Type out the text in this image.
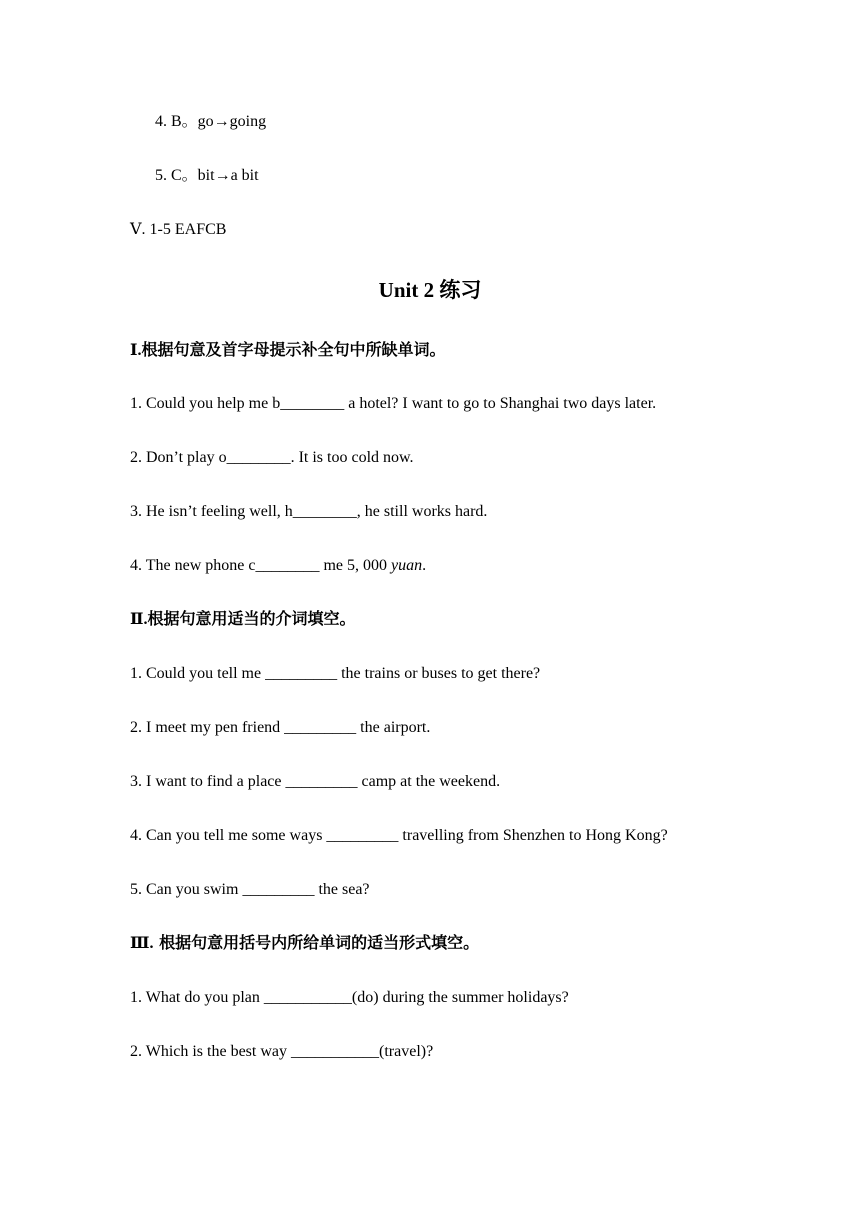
4. B。go→going
5. C。bit→a bit
Ⅴ. 1-5 EAFCB
Unit 2 练习
Ⅰ.根据句意及首字母提示补全句中所缺单词。
1. Could you help me b________ a hotel? I want to go to Shanghai two days later.
2. Don’t play o________. It is too cold now.
3. He isn’t feeling well, h________, he still works hard.
4. The new phone c________ me 5, 000 yuan.
Ⅱ.根据句意用适当的介词填空。
1. Could you tell me _________ the trains or buses to get there?
2. I meet my pen friend _________ the airport.
3. I want to find a place _________ camp at the weekend.
4. Can you tell me some ways _________ travelling from Shenzhen to Hong Kong?
5. Can you swim _________ the sea?
Ⅲ. 根据句意用括号内所给单词的适当形式填空。
1. What do you plan ___________(do) during the summer holidays?
2. Which is the best way ___________(travel)?
